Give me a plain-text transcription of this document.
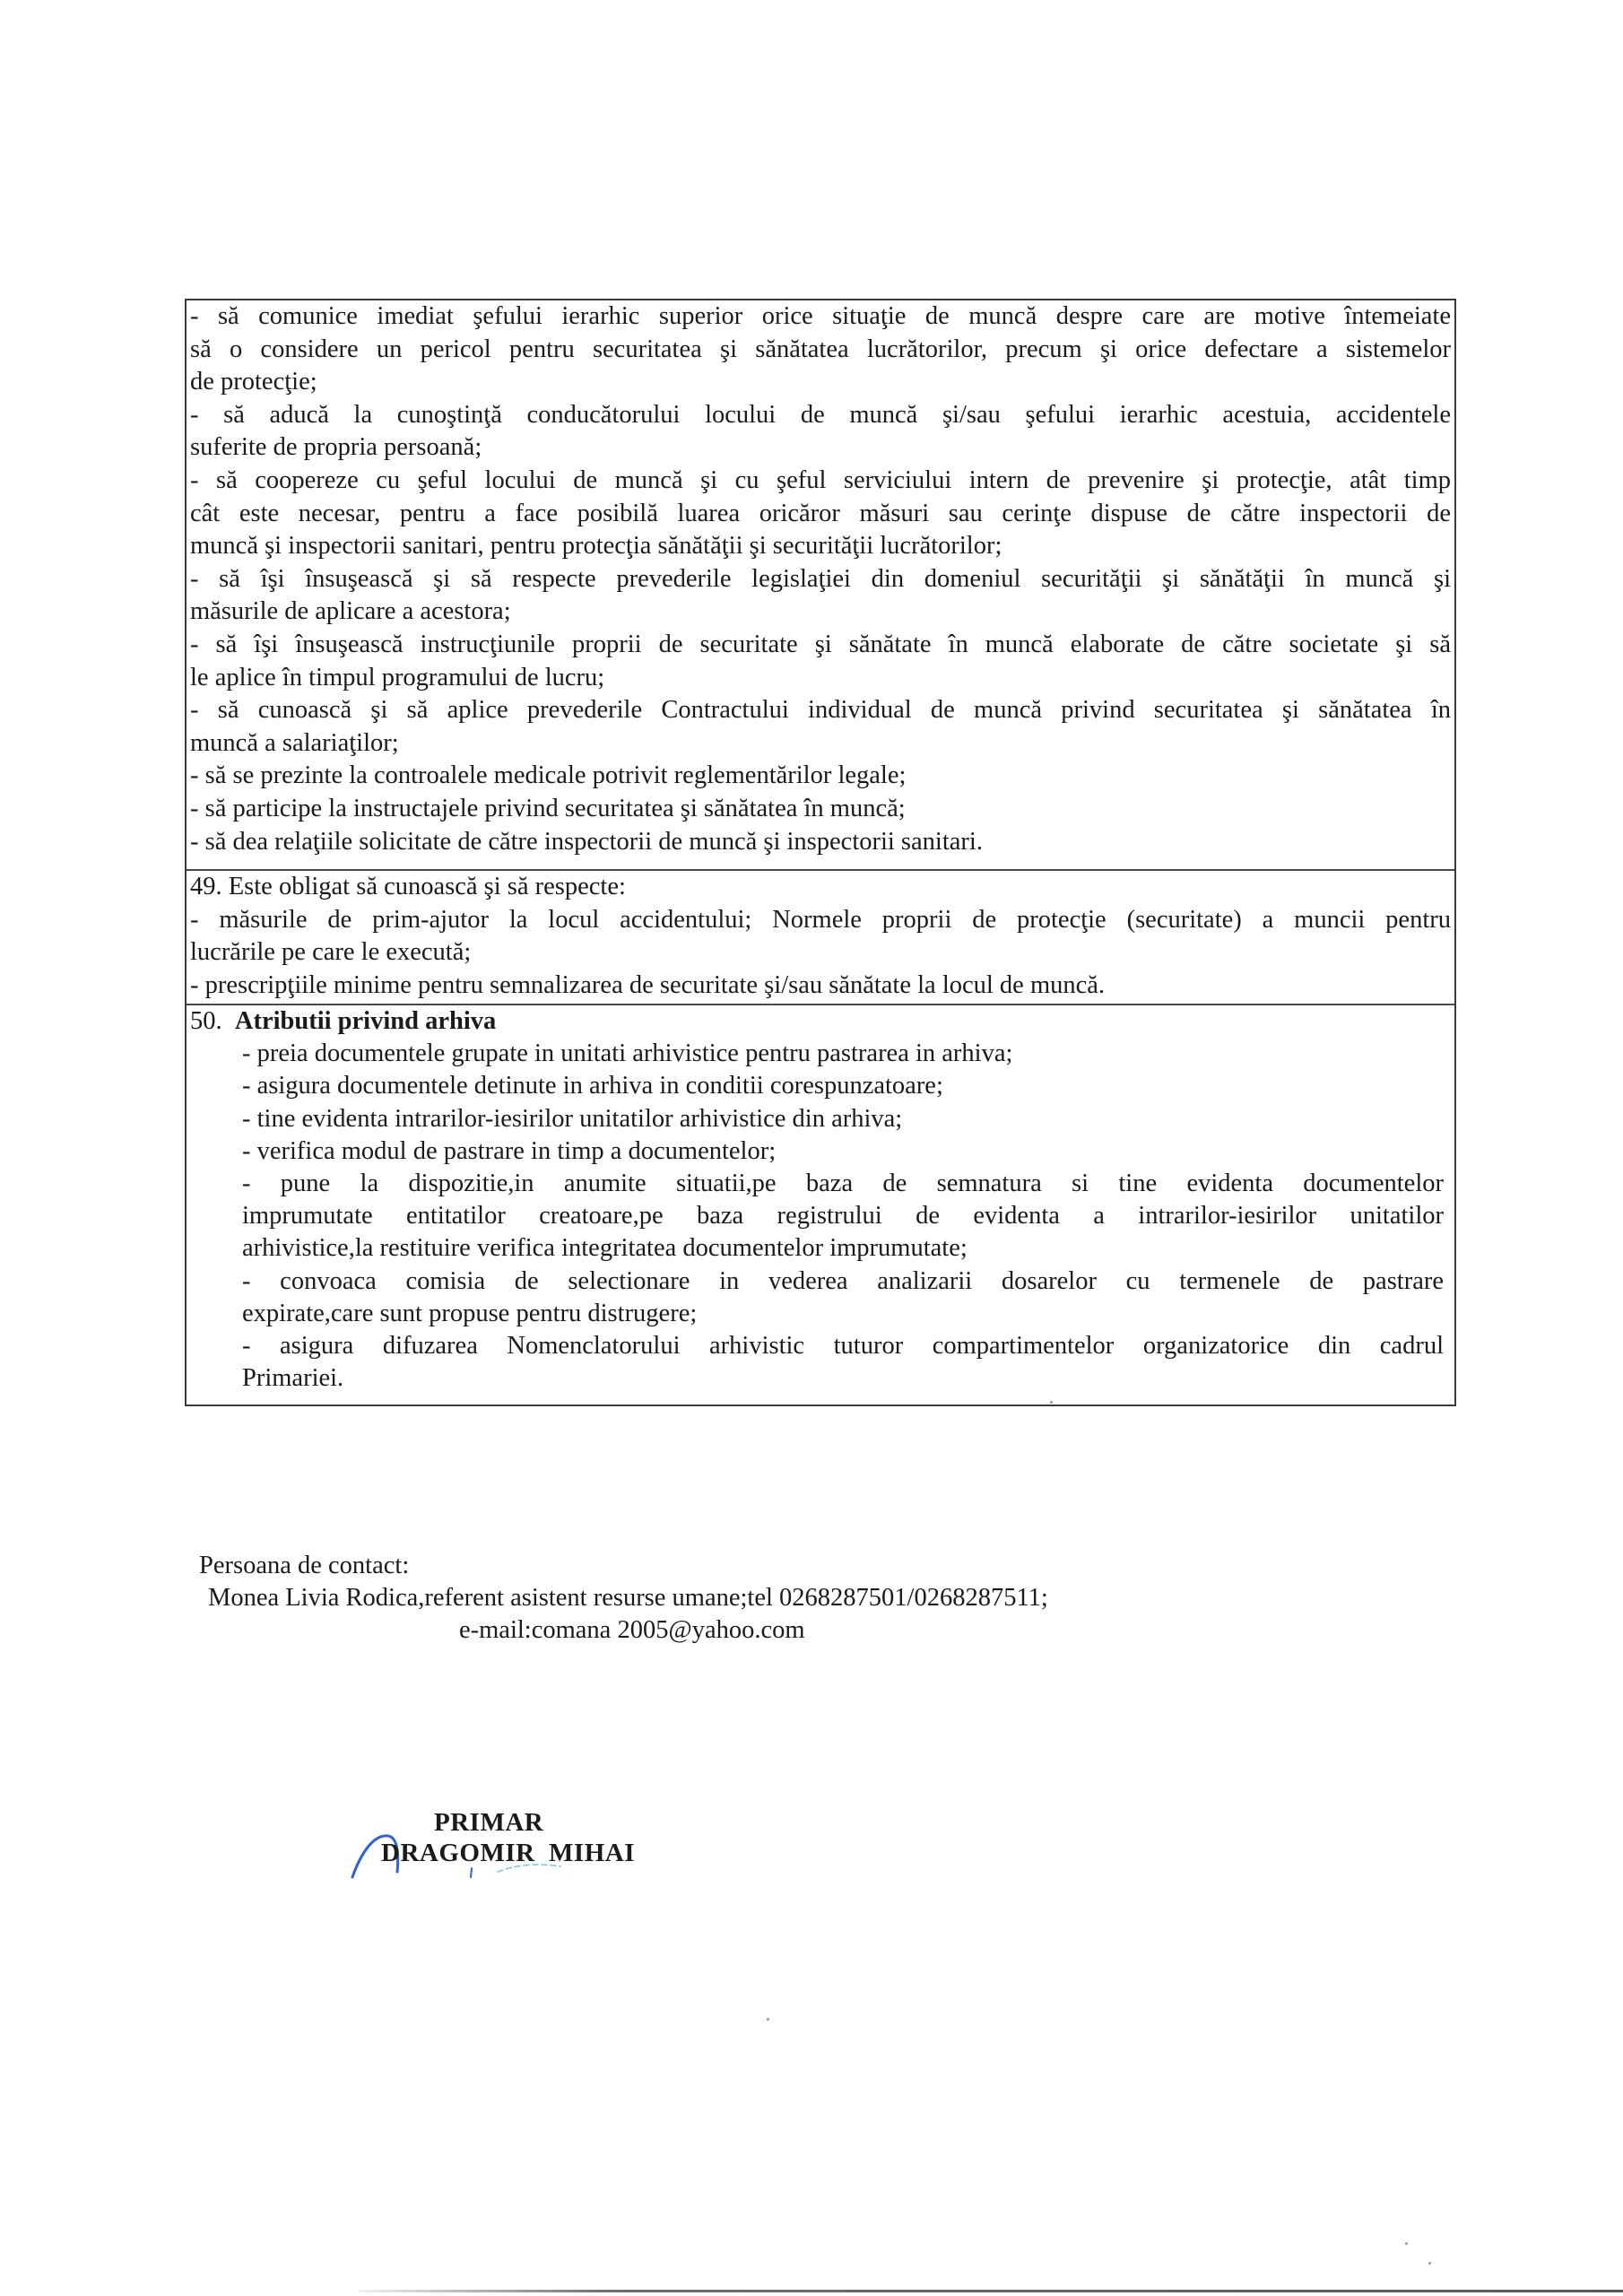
- să comunice imediat şefului ierarhic superior orice situaţie de muncă despre care are motive întemeiate
să o considere un pericol pentru securitatea şi sănătatea lucrătorilor, precum şi orice defectare a sistemelor
de protecţie;
- să aducă la cunoştinţă conducătorului locului de muncă şi/sau şefului ierarhic acestuia, accidentele
suferite de propria persoană;
- să coopereze cu şeful locului de muncă şi cu şeful serviciului intern de prevenire şi protecţie, atât timp
cât este necesar, pentru a face posibilă luarea oricăror măsuri sau cerinţe dispuse de către inspectorii de
muncă şi inspectorii sanitari, pentru protecţia sănătăţii şi securităţii lucrătorilor;
- să îşi însuşească şi să respecte prevederile legislaţiei din domeniul securităţii şi sănătăţii în muncă şi
măsurile de aplicare a acestora;
- să îşi însuşească instrucţiunile proprii de securitate şi sănătate în muncă elaborate de către societate şi să
le aplice în timpul programului de lucru;
- să cunoască şi să aplice prevederile Contractului individual de muncă privind securitatea şi sănătatea în
muncă a salariaţilor;
- să se prezinte la controalele medicale potrivit reglementărilor legale;
- să participe la instructajele privind securitatea şi sănătatea în muncă;
- să dea relaţiile solicitate de către inspectorii de muncă şi inspectorii sanitari.
49. Este obligat să cunoască şi să respecte:
- măsurile de prim-ajutor la locul accidentului; Normele proprii de protecţie (securitate) a muncii pentru
lucrările pe care le execută;
- prescripţiile minime pentru semnalizarea de securitate şi/sau sănătate la locul de muncă.
50. Atributii privind arhiva
- preia documentele grupate in unitati arhivistice pentru pastrarea in arhiva;
- asigura documentele detinute in arhiva in conditii corespunzatoare;
- tine evidenta intrarilor-iesirilor unitatilor arhivistice din arhiva;
- verifica modul de pastrare in timp a documentelor;
- pune la dispozitie,in anumite situatii,pe baza de semnatura si tine evidenta documentelor
imprumutate entitatilor creatoare,pe baza registrului de evidenta a intrarilor-iesirilor unitatilor
arhivistice,la restituire verifica integritatea documentelor imprumutate;
- convoaca comisia de selectionare in vederea analizarii dosarelor cu termenele de pastrare
expirate,care sunt propuse pentru distrugere;
- asigura difuzarea Nomenclatorului arhivistic tuturor compartimentelor organizatorice din cadrul
Primariei.
Persoana de contact:
Monea Livia Rodica,referent asistent resurse umane;tel 0268287501/0268287511;
e-mail:comana 2005@yahoo.com
PRIMAR
DRAGOMIR  MIHAI
